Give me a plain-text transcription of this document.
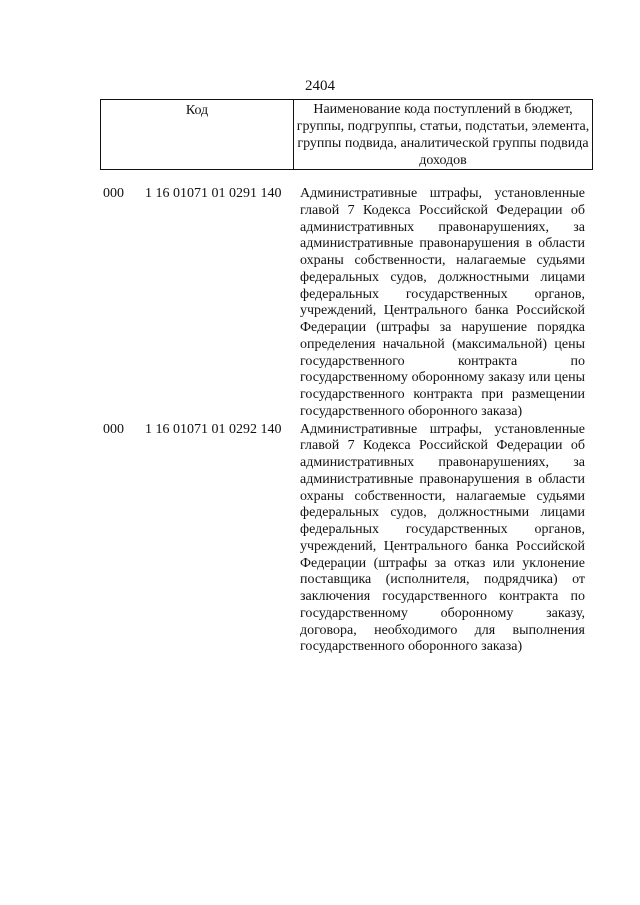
2404
Код	Наименование кода поступлений в бюджет, группы, подгруппы, статьи, подстатьи, элемента, группы подвида, аналитической группы подвида доходов
000 1 16 01071 01 0291 140 Административные штрафы, установленные главой 7 Кодекса Российской Федерации об административных правонарушениях, за административные правонарушения в области охраны собственности, налагаемые судьями федеральных судов, должностными лицами федеральных государственных органов, учреждений, Центрального банка Российской Федерации (штрафы за нарушение порядка определения начальной (максимальной) цены государственного контракта по государственному оборонному заказу или цены государственного контракта при размещении государственного оборонного заказа)
000 1 16 01071 01 0292 140 Административные штрафы, установленные главой 7 Кодекса Российской Федерации об административных правонарушениях, за административные правонарушения в области охраны собственности, налагаемые судьями федеральных судов, должностными лицами федеральных государственных органов, учреждений, Центрального банка Российской Федерации (штрафы за отказ или уклонение поставщика (исполнителя, подрядчика) от заключения государственного контракта по государственному оборонному заказу, договора, необходимого для выполнения государственного оборонного заказа)
